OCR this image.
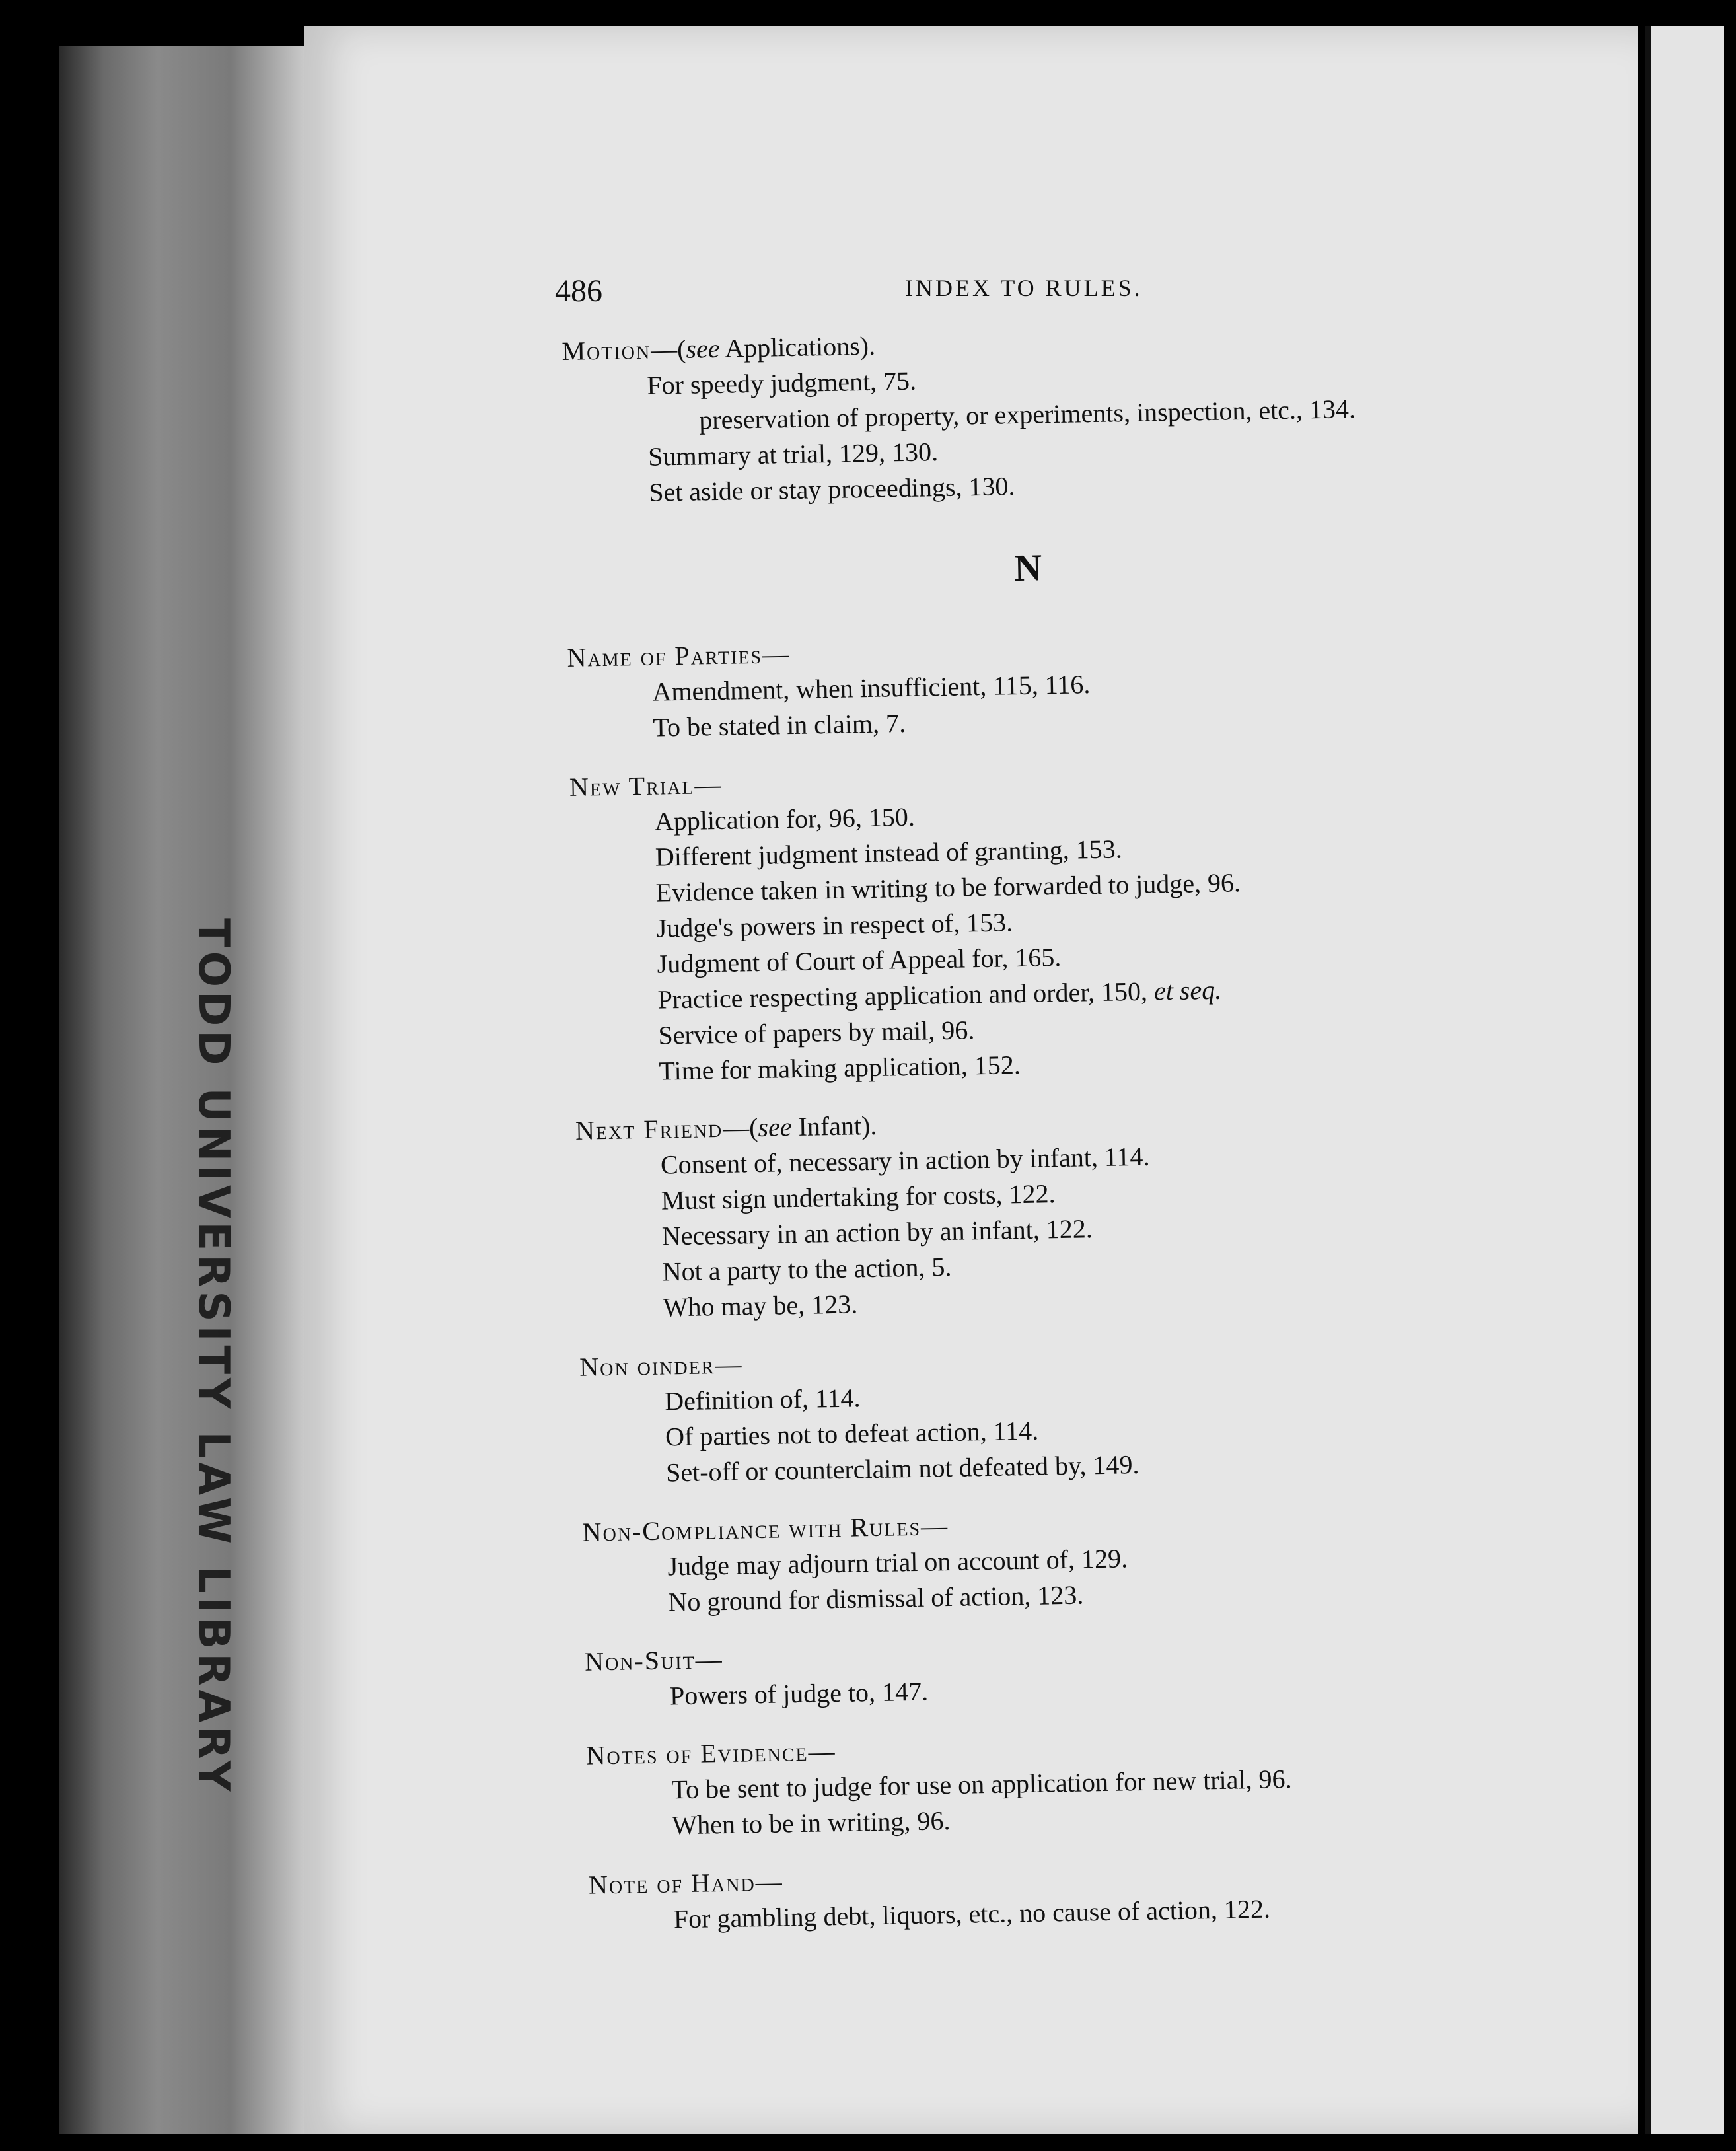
TODD UNIVERSITY LAW LIBRARY
486	INDEX TO RULES.
Motion—(see Applications).
For speedy judgment, 75.
preservation of property, or experiments, inspection, etc., 134.
Summary at trial, 129, 130.
Set aside or stay proceedings, 130.
N
Name of Parties—
Amendment, when insufficient, 115, 116.
To be stated in claim, 7.
New Trial—
Application for, 96, 150.
Different judgment instead of granting, 153.
Evidence taken in writing to be forwarded to judge, 96.
Judge's powers in respect of, 153.
Judgment of Court of Appeal for, 165.
Practice respecting application and order, 150, et seq.
Service of papers by mail, 96.
Time for making application, 152.
Next Friend—(see Infant).
Consent of, necessary in action by infant, 114.
Must sign undertaking for costs, 122.
Necessary in an action by an infant, 122.
Not a party to the action, 5.
Who may be, 123.
Non oinder—
Definition of, 114.
Of parties not to defeat action, 114.
Set-off or counterclaim not defeated by, 149.
Non-Compliance with Rules—
Judge may adjourn trial on account of, 129.
No ground for dismissal of action, 123.
Non-Suit—
Powers of judge to, 147.
Notes of Evidence—
To be sent to judge for use on application for new trial, 96.
When to be in writing, 96.
Note of Hand—
For gambling debt, liquors, etc., no cause of action, 122.
